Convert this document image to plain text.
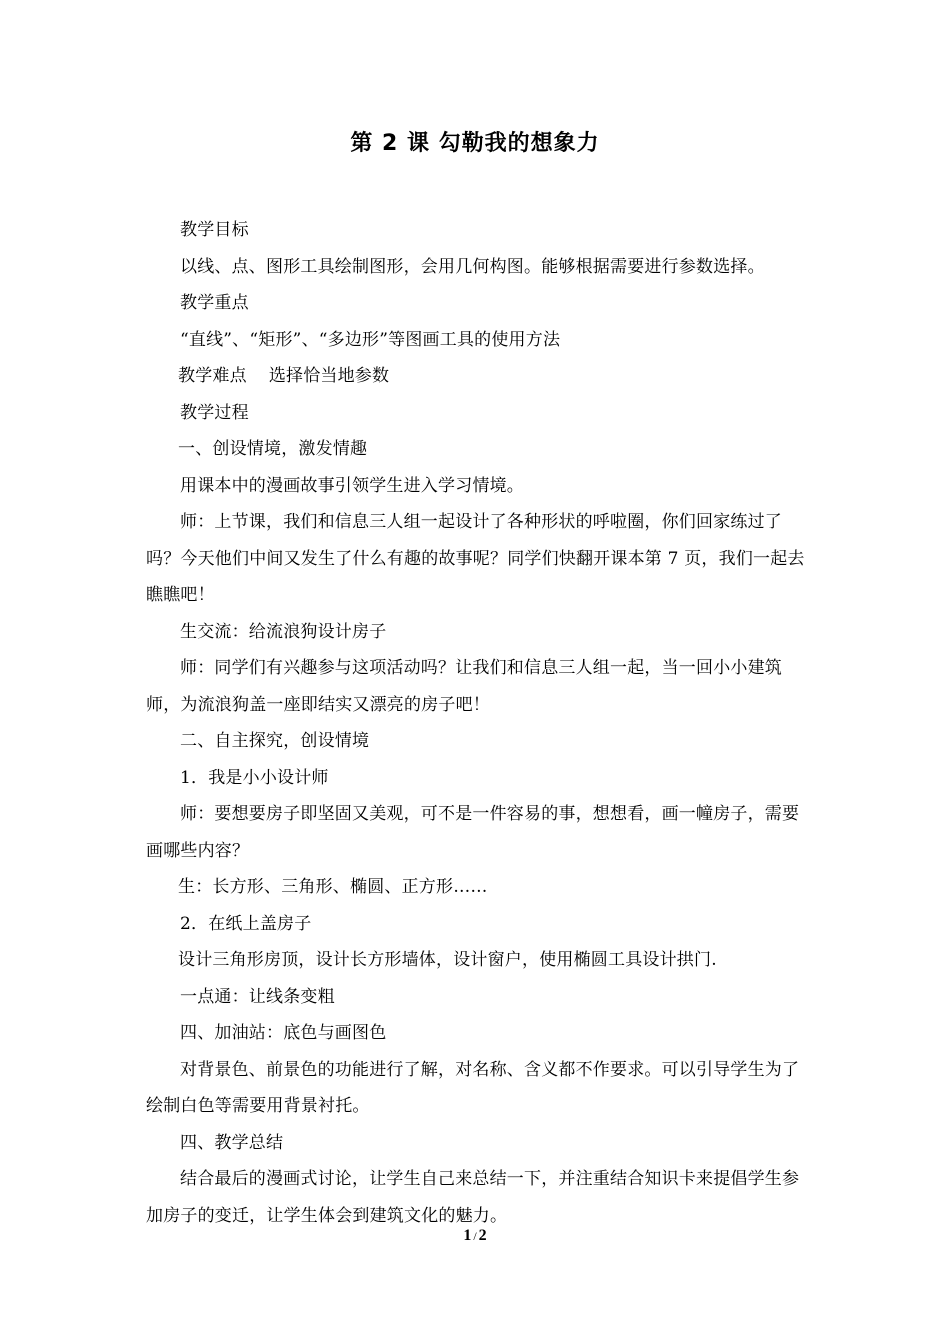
第 2 课 勾勒我的想象力

教学目标

以线、点、图形工具绘制图形，会用几何构图。能够根据需要进行参数选择。

教学重点

“直线”、“矩形”、“多边形”等图画工具的使用方法

教学难点 选择恰当地参数

教学过程

一、创设情境，激发情趣

用课本中的漫画故事引领学生进入学习情境。

师：上节课，我们和信息三人组一起设计了各种形状的呼啦圈，你们回家练过了吗？今天他们中间又发生了什么有趣的故事呢？同学们快翻开课本第 7 页，我们一起去瞧瞧吧！

生交流：给流浪狗设计房子

师：同学们有兴趣参与这项活动吗？让我们和信息三人组一起，当一回小小建筑师，为流浪狗盖一座即结实又漂亮的房子吧！

二、自主探究，创设情境

1．我是小小设计师

师：要想要房子即坚固又美观，可不是一件容易的事，想想看，画一幢房子，需要画哪些内容？

生：长方形、三角形、椭圆、正方形……

2．在纸上盖房子

设计三角形房顶，设计长方形墙体，设计窗户，使用椭圆工具设计拱门.

一点通：让线条变粗

四、加油站：底色与画图色

对背景色、前景色的功能进行了解，对名称、含义都不作要求。可以引导学生为了绘制白色等需要用背景衬托。

四、教学总结

结合最后的漫画式讨论，让学生自己来总结一下，并注重结合知识卡来提倡学生参加房子的变迁，让学生体会到建筑文化的魅力。

1 / 2
